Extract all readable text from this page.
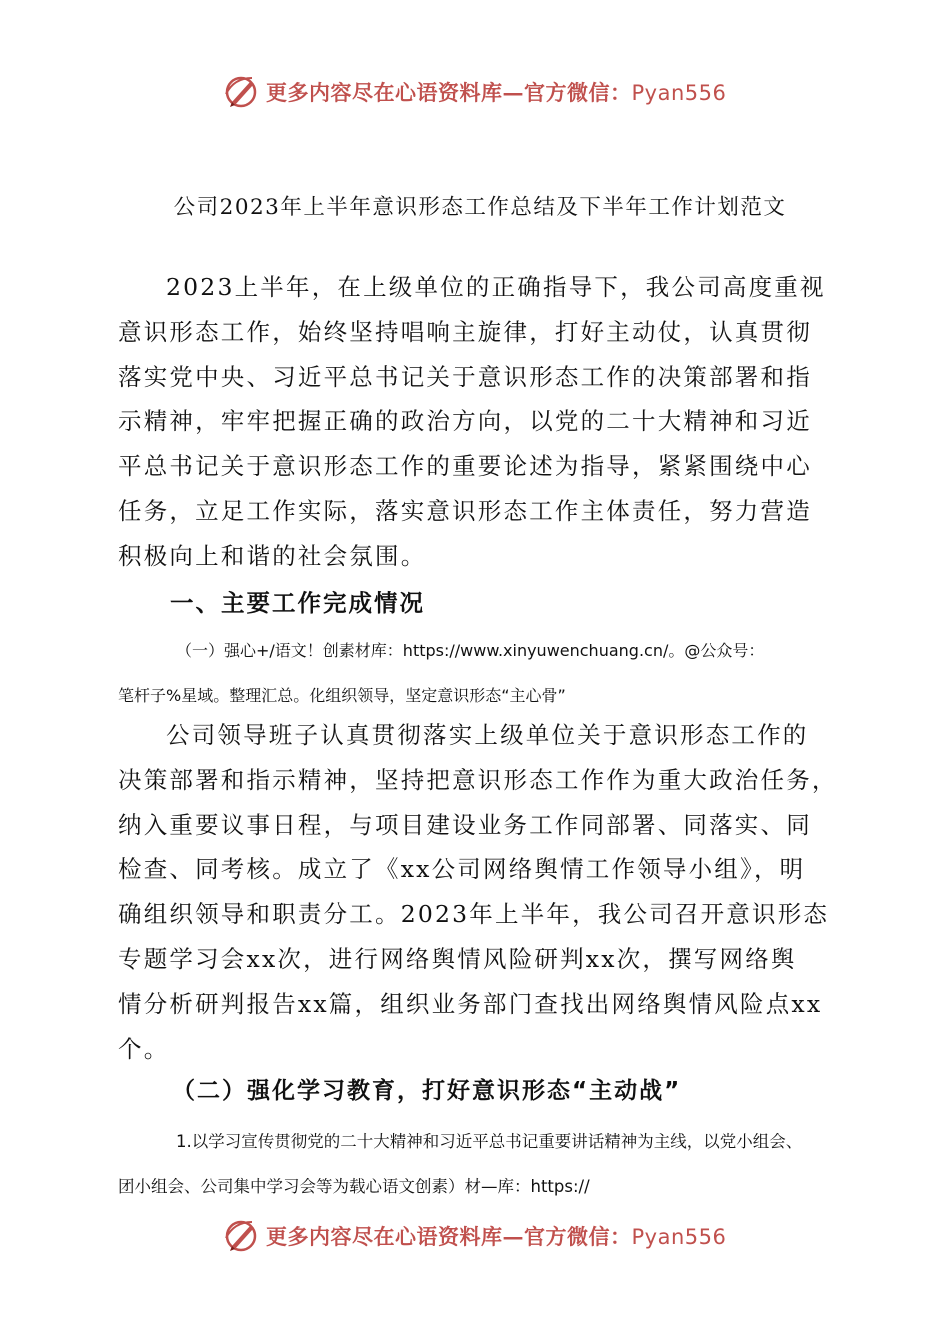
更多内容尽在心语资料库—官方微信：Pyan556
公司2023年上半年意识形态工作总结及下半年工作计划范文
2023上半年，在上级单位的正确指导下，我公司高度重视
意识形态工作，始终坚持唱响主旋律，打好主动仗，认真贯彻
落实党中央、习近平总书记关于意识形态工作的决策部署和指
示精神，牢牢把握正确的政治方向，以党的二十大精神和习近
平总书记关于意识形态工作的重要论述为指导，紧紧围绕中心
任务，立足工作实际，落实意识形态工作主体责任，努力营造
积极向上和谐的社会氛围。
一、主要工作完成情况
（一）强心+/语文！创素材库：https://www.xinyuwenchuang.cn/。@公众号：
笔杆子%星域。整理汇总。化组织领导，坚定意识形态“主心骨”
公司领导班子认真贯彻落实上级单位关于意识形态工作的
决策部署和指示精神，坚持把意识形态工作作为重大政治任务，
纳入重要议事日程，与项目建设业务工作同部署、同落实、同
检查、同考核。成立了《xx公司网络舆情工作领导小组》，明
确组织领导和职责分工。2023年上半年，我公司召开意识形态
专题学习会xx次，进行网络舆情风险研判xx次，撰写网络舆
情分析研判报告xx篇，组织业务部门查找出网络舆情风险点xx
个。
（二）强化学习教育，打好意识形态“主动战”
1.以学习宣传贯彻党的二十大精神和习近平总书记重要讲话精神为主线，以党小组会、
团小组会、公司集中学习会等为载心语文创素）材—库：https://
更多内容尽在心语资料库—官方微信：Pyan556
